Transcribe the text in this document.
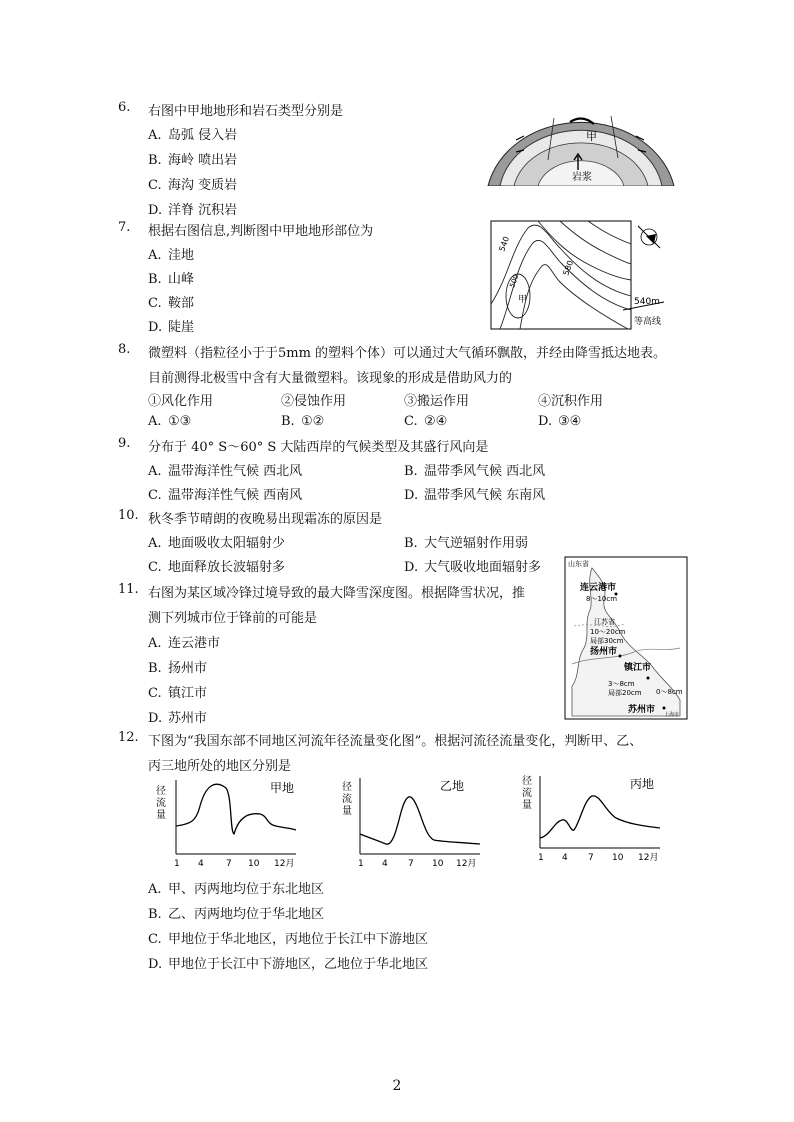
6.	右图中甲地地形和岩石类型分别是
A. 岛弧 侵入岩
B. 海岭 喷出岩
C. 海沟 变质岩
D. 洋脊 沉积岩
甲
岩浆
7.	根据右图信息,判断图中甲地地形部位为
A. 洼地
B. 山峰
C. 鞍部
D. 陡崖
540
580
500
甲	540m
等高线
8.	微塑料（指粒径小于于5mm 的塑料个体）可以通过大气循环飘散，并经由降雪抵达地表。
目前测得北极雪中含有大量微塑料。该现象的形成是借助风力的
①风化作用	②侵蚀作用	③搬运作用	④沉积作用
A. ①③	B. ①②	C. ②④	D. ③④
9.	分布于 40° S～60° S 大陆西岸的气候类型及其盛行风向是
A. 温带海洋性气候 西北风	B. 温带季风气候 西北风
C. 温带海洋性气候 西南风	D. 温带季风气候 东南风
10. 秋冬季节晴朗的夜晚易出现霜冻的原因是
A. 地面吸收太阳辐射少	B. 大气逆辐射作用弱
C. 地面释放长波辐射多	D. 大气吸收地面辐射多
11. 右图为某区域冷锋过境导致的最大降雪深度图。根据降雪状况，推
测下列城市位于锋前的可能是
A. 连云港市
B. 扬州市
C. 镇江市
D. 苏州市
山东省
连云港市
8～10cm
江苏省
10～20cm
局部30cm
扬州市
镇江市
3～8cm
局部20cm 0～8cm
苏州市 上海市
12. 下图为“我国东部不同地区河流年径流量变化图”。根据河流径流量变化，判断甲、乙、
丙三地所处的地区分别是
径
流
量
甲地
1 4 7 10 12月
径
流
量
乙地
1 4 7 10 12月
径
流
量
丙地
1 4 7 10 12月
A. 甲、丙两地均位于东北地区
B. 乙、丙两地均位于华北地区
C. 甲地位于华北地区，丙地位于长江中下游地区
D. 甲地位于长江中下游地区，乙地位于华北地区
2
